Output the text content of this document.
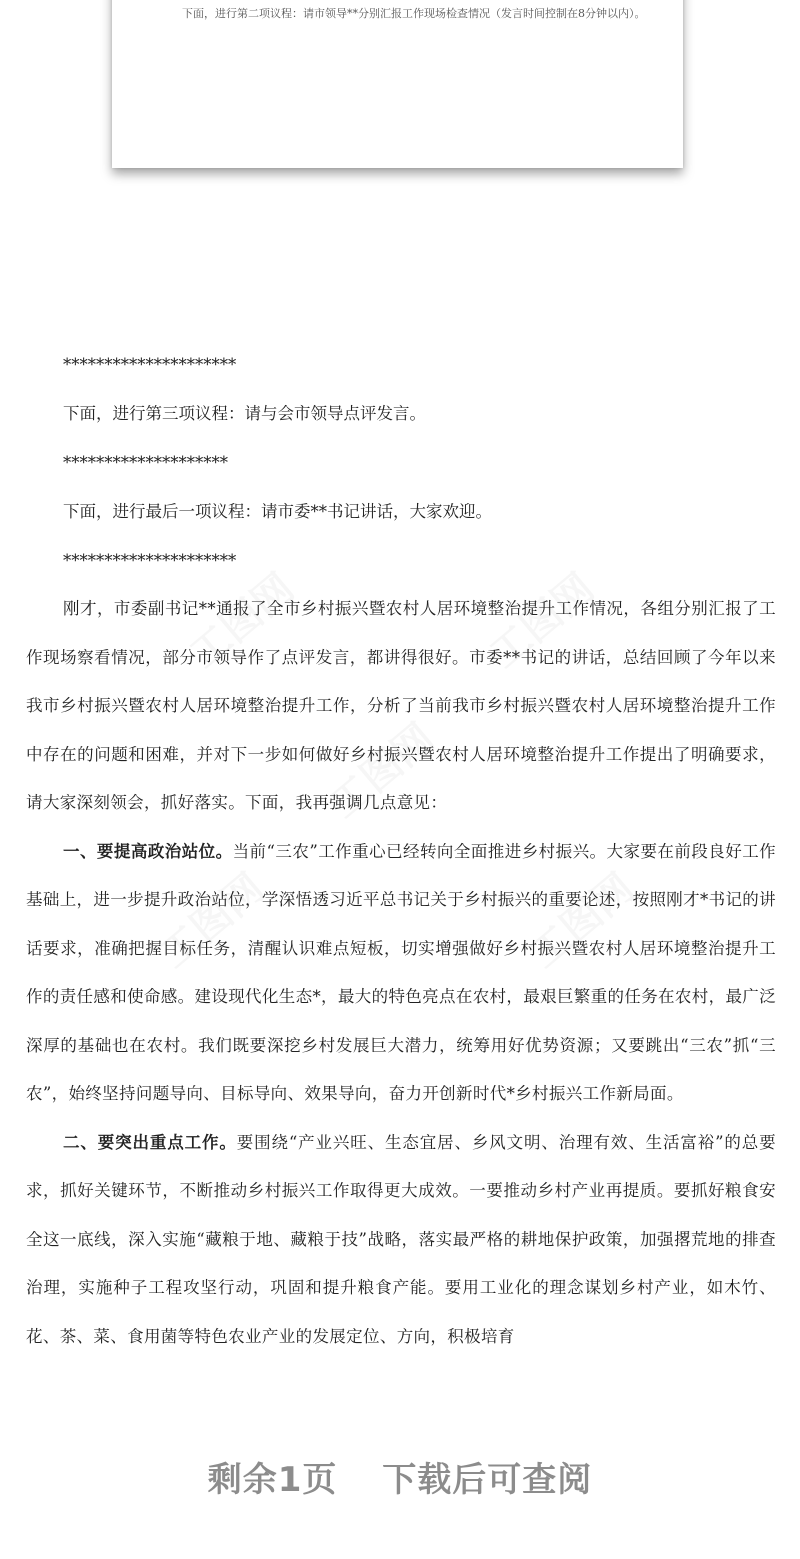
下面，进行第二项议程：请市领导**分别汇报工作现场检查情况（发言时间控制在8分钟以内）。

*********************

下面，进行第三项议程：请与会市领导点评发言。

********************

下面，进行最后一项议程：请市委**书记讲话，大家欢迎。

*********************

刚才，市委副书记**通报了全市乡村振兴暨农村人居环境整治提升工作情况，各组分别汇报了工作现场察看情况，部分市领导作了点评发言，都讲得很好。市委**书记的讲话，总结回顾了今年以来我市乡村振兴暨农村人居环境整治提升工作，分析了当前我市乡村振兴暨农村人居环境整治提升工作中存在的问题和困难，并对下一步如何做好乡村振兴暨农村人居环境整治提升工作提出了明确要求，请大家深刻领会，抓好落实。下面，我再强调几点意见：

一、要提高政治站位。当前“三农”工作重心已经转向全面推进乡村振兴。大家要在前段良好工作基础上，进一步提升政治站位，学深悟透习近平总书记关于乡村振兴的重要论述，按照刚才*书记的讲话要求，准确把握目标任务，清醒认识难点短板，切实增强做好乡村振兴暨农村人居环境整治提升工作的责任感和使命感。建设现代化生态*，最大的特色亮点在农村，最艰巨繁重的任务在农村，最广泛深厚的基础也在农村。我们既要深挖乡村发展巨大潜力，统筹用好优势资源；又要跳出“三农”抓“三农”，始终坚持问题导向、目标导向、效果导向，奋力开创新时代*乡村振兴工作新局面。

二、要突出重点工作。要围绕“产业兴旺、生态宜居、乡风文明、治理有效、生活富裕”的总要求，抓好关键环节，不断推动乡村振兴工作取得更大成效。一要推动乡村产业再提质。要抓好粮食安全这一底线，深入实施“藏粮于地、藏粮于技”战略，落实最严格的耕地保护政策，加强撂荒地的排查治理，实施种子工程攻坚行动，巩固和提升粮食产能。要用工业化的理念谋划乡村产业，如木竹、花、茶、菜、食用菌等特色农业产业的发展定位、方向，积极培育

剩余1页 下载后可查阅
